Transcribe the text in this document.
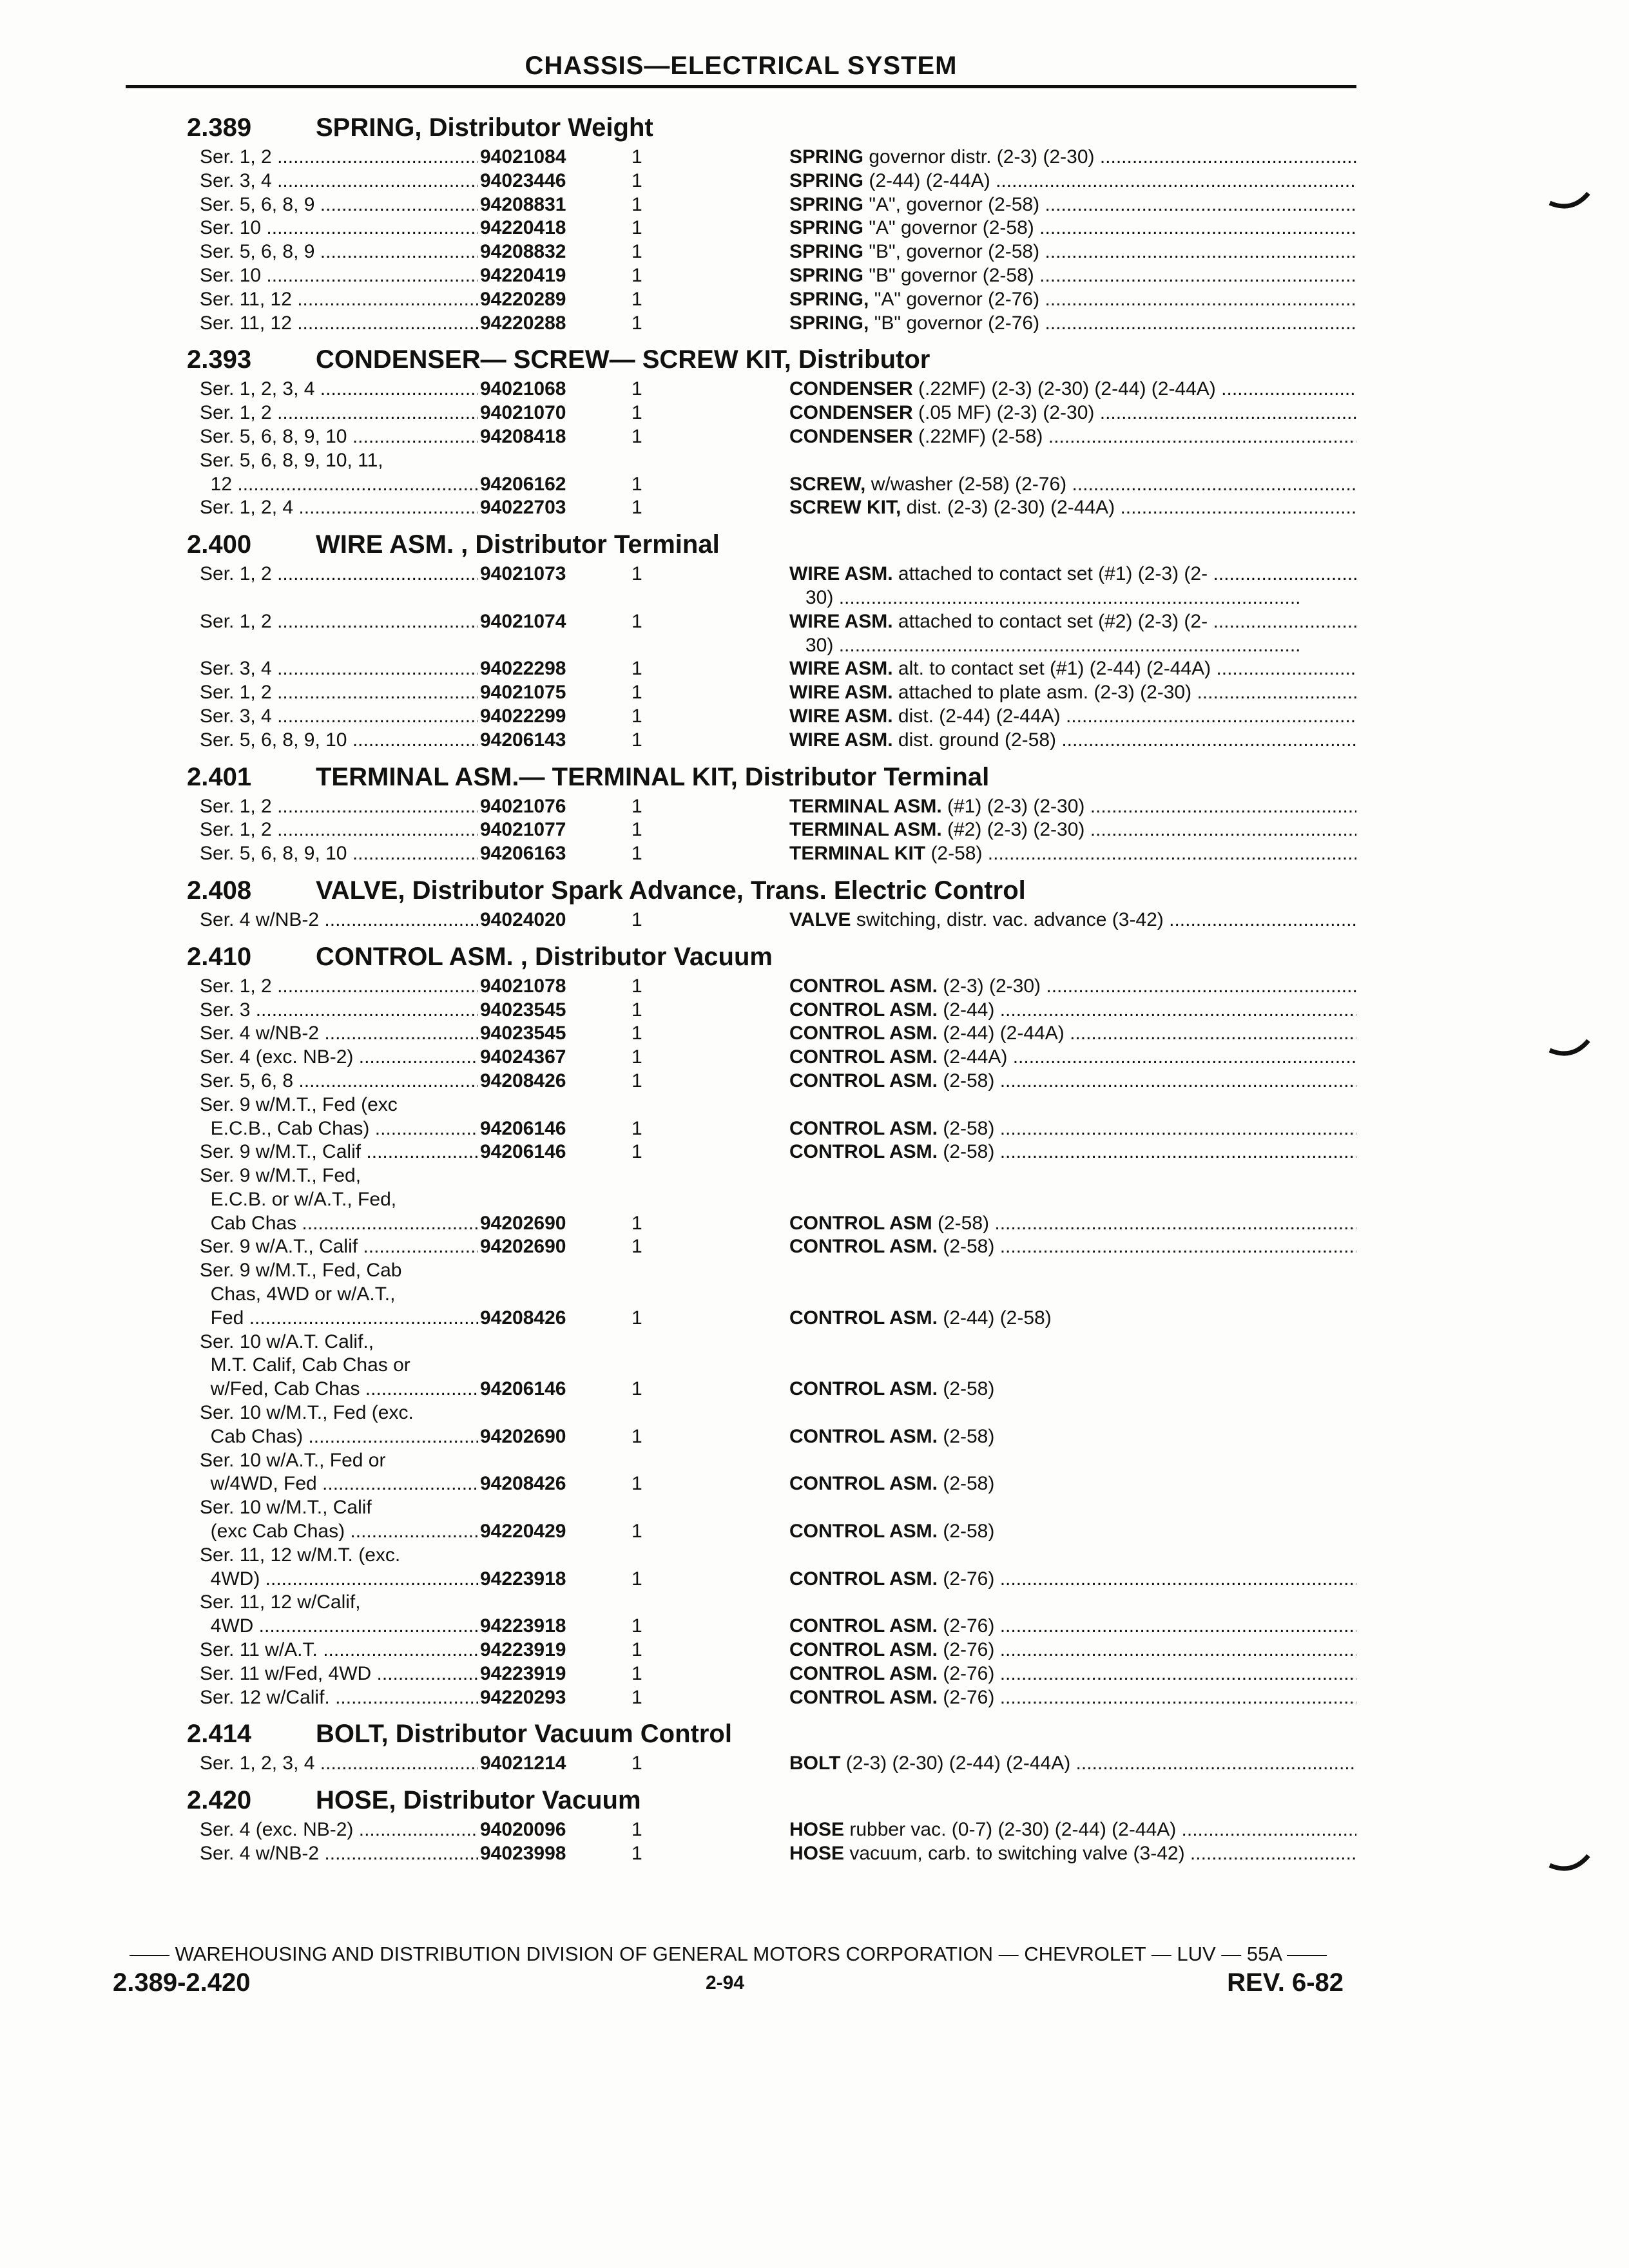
CHASSIS—ELECTRICAL SYSTEM
2.389	SPRING, Distributor Weight
Ser. 1, 2 .....	94021084	1	SPRING governor distr. (2-3) (2-30) .....
Ser. 3, 4 .....	94023446	1	SPRING (2-44) (2-44A) .....
Ser. 5, 6, 8, 9 .....	94208831	1	SPRING "A", governor (2-58) .....
Ser. 10 .....	94220418	1	SPRING "A" governor (2-58) .....
Ser. 5, 6, 8, 9 .....	94208832	1	SPRING "B", governor (2-58) .....
Ser. 10 .....	94220419	1	SPRING "B" governor (2-58) .....
Ser. 11, 12 .....	94220289	1	SPRING, "A" governor (2-76) .....
Ser. 11, 12 .....	94220288	1	SPRING, "B" governor (2-76) .....
2.393	CONDENSER— SCREW— SCREW KIT, Distributor
Ser. 1, 2, 3, 4 .....	94021068	1	CONDENSER (.22MF) (2-3) (2-30) (2-44) (2-44A) .....
Ser. 1, 2 .....	94021070	1	CONDENSER (.05 MF) (2-3) (2-30) .....
Ser. 5, 6, 8, 9, 10 .....	94208418	1	CONDENSER (.22MF) (2-58) .....
Ser. 5, 6, 8, 9, 10, 11,
12 .....	94206162	1	SCREW, w/washer (2-58) (2-76) .....
Ser. 1, 2, 4 .....	94022703	1	SCREW KIT, dist. (2-3) (2-30) (2-44A) .....
2.400	WIRE ASM. , Distributor Terminal
Ser. 1, 2 .....	94021073	1	WIRE ASM. attached to contact set (#1) (2-3) (2- .....
30) .....
Ser. 1, 2 .....	94021074	1	WIRE ASM. attached to contact set (#2) (2-3) (2- .....
30) .....
Ser. 3, 4 .....	94022298	1	WIRE ASM. alt. to contact set (#1) (2-44) (2-44A) .....
Ser. 1, 2 .....	94021075	1	WIRE ASM. attached to plate asm. (2-3) (2-30) .....
Ser. 3, 4 .....	94022299	1	WIRE ASM. dist. (2-44) (2-44A) .....
Ser. 5, 6, 8, 9, 10 .....	94206143	1	WIRE ASM. dist. ground (2-58) .....
2.401	TERMINAL ASM.— TERMINAL KIT, Distributor Terminal
Ser. 1, 2 .....	94021076	1	TERMINAL ASM. (#1) (2-3) (2-30) .....
Ser. 1, 2 .....	94021077	1	TERMINAL ASM. (#2) (2-3) (2-30) .....
Ser. 5, 6, 8, 9, 10 .....	94206163	1	TERMINAL KIT (2-58) .....
2.408	VALVE, Distributor Spark Advance, Trans. Electric Control
Ser. 4 w/NB-2 .....	94024020	1	VALVE switching, distr. vac. advance (3-42) .....
2.410	CONTROL ASM. , Distributor Vacuum
Ser. 1, 2 .....	94021078	1	CONTROL ASM. (2-3) (2-30) .....
Ser. 3 .....	94023545	1	CONTROL ASM. (2-44) .....
Ser. 4 w/NB-2 .....	94023545	1	CONTROL ASM. (2-44) (2-44A) .....
Ser. 4 (exc. NB-2) .....	94024367	1	CONTROL ASM. (2-44A) .....
Ser. 5, 6, 8 .....	94208426	1	CONTROL ASM. (2-58) .....
Ser. 9 w/M.T., Fed (exc
E.C.B., Cab Chas) .....	94206146	1	CONTROL ASM. (2-58) .....
Ser. 9 w/M.T., Calif .....	94206146	1	CONTROL ASM. (2-58) .....
Ser. 9 w/M.T., Fed,
E.C.B. or w/A.T., Fed,
Cab Chas .....	94202690	1	CONTROL ASM (2-58) .....
Ser. 9 w/A.T., Calif .....	94202690	1	CONTROL ASM. (2-58) .....
Ser. 9 w/M.T., Fed, Cab
Chas, 4WD or w/A.T.,
Fed .....	94208426	1	CONTROL ASM. (2-44) (2-58)
Ser. 10 w/A.T. Calif.,
M.T. Calif, Cab Chas or
w/Fed, Cab Chas .....	94206146	1	CONTROL ASM. (2-58)
Ser. 10 w/M.T., Fed (exc.
Cab Chas) .....	94202690	1	CONTROL ASM. (2-58)
Ser. 10 w/A.T., Fed or
w/4WD, Fed .....	94208426	1	CONTROL ASM. (2-58)
Ser. 10 w/M.T., Calif
(exc Cab Chas) .....	94220429	1	CONTROL ASM. (2-58)
Ser. 11, 12 w/M.T. (exc.
4WD) .....	94223918	1	CONTROL ASM. (2-76) .....
Ser. 11, 12 w/Calif,
4WD .....	94223918	1	CONTROL ASM. (2-76) .....
Ser. 11 w/A.T. .....	94223919	1	CONTROL ASM. (2-76) .....
Ser. 11 w/Fed, 4WD .....	94223919	1	CONTROL ASM. (2-76) .....
Ser. 12 w/Calif. .....	94220293	1	CONTROL ASM. (2-76) .....
2.414	BOLT, Distributor Vacuum Control
Ser. 1, 2, 3, 4 .....	94021214	1	BOLT (2-3) (2-30) (2-44) (2-44A) .....
2.420	HOSE, Distributor Vacuum
Ser. 4 (exc. NB-2) .....	94020096	1	HOSE rubber vac. (0-7) (2-30) (2-44) (2-44A) .....
Ser. 4 w/NB-2 .....	94023998	1	HOSE vacuum, carb. to switching valve (3-42) .....
—— WAREHOUSING AND DISTRIBUTION DIVISION OF GENERAL MOTORS CORPORATION — CHEVROLET — LUV — 55A ——
2.389-2.420	2-94	REV. 6-82
